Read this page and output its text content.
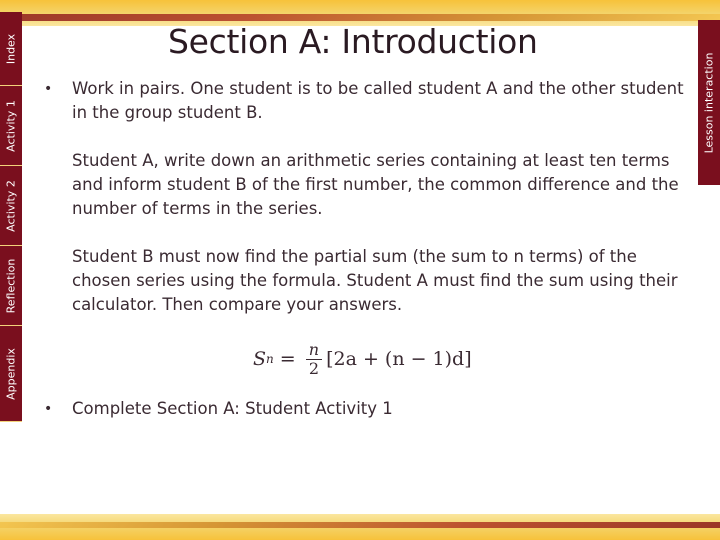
Index
Activity 1
Activity 2
Reflection
Appendix
Lesson interaction
Section A: Introduction
•	Work in pairs. One student is to be called student A and the other student in the group student B.

Student A, write down an arithmetic series containing at least ten terms and inform student B of the first number, the common difference and the number of terms in the series.

Student B must now find the partial sum (the sum to n terms) of the chosen series using the formula. Student A must find the sum using their calculator. Then compare your answers.

S $n = \frac{n}{2} [2a + (n - 1)d]$
•	Complete Section A: Student Activity 1
